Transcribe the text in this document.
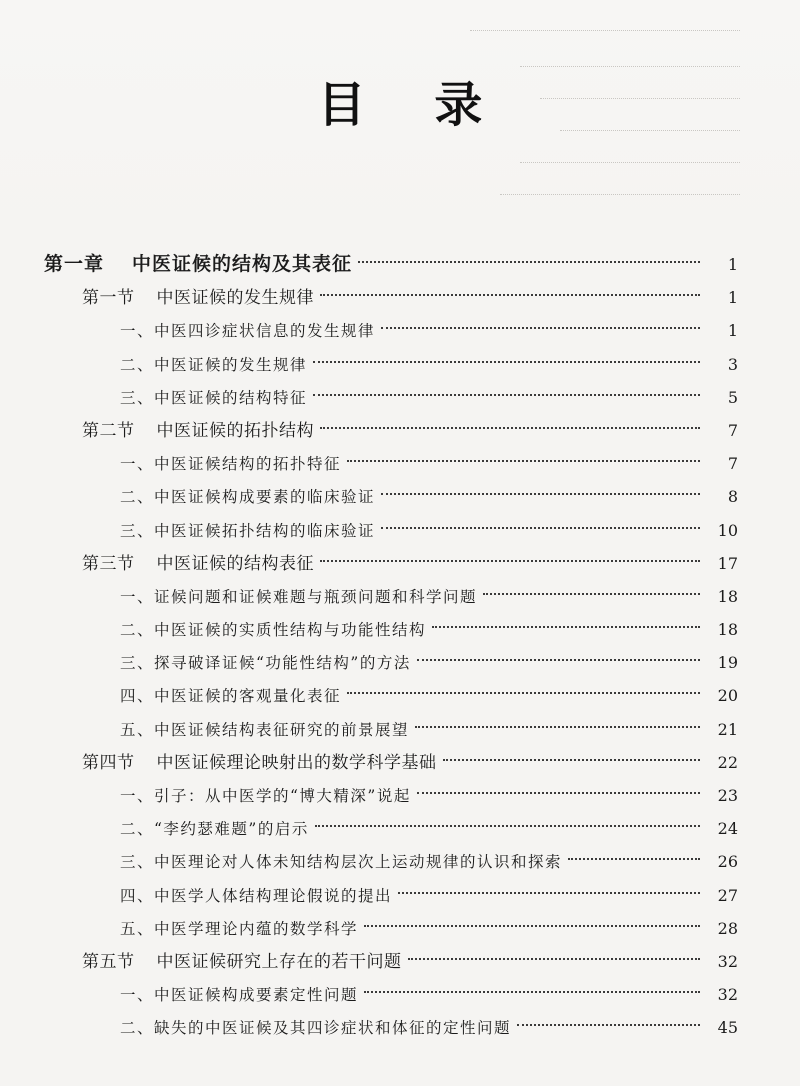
目 录
第一章 中医证候的结构及其表征	1
第一节 中医证候的发生规律	1
一、中医四诊症状信息的发生规律	1
二、中医证候的发生规律	3
三、中医证候的结构特征	5
第二节 中医证候的拓扑结构	7
一、中医证候结构的拓扑特征	7
二、中医证候构成要素的临床验证	8
三、中医证候拓扑结构的临床验证	10
第三节 中医证候的结构表征	17
一、证候问题和证候难题与瓶颈问题和科学问题	18
二、中医证候的实质性结构与功能性结构	18
三、探寻破译证候“功能性结构”的方法	19
四、中医证候的客观量化表征	20
五、中医证候结构表征研究的前景展望	21
第四节 中医证候理论映射出的数学科学基础	22
一、引子：从中医学的“博大精深”说起	23
二、“李约瑟难题”的启示	24
三、中医理论对人体未知结构层次上运动规律的认识和探索	26
四、中医学人体结构理论假说的提出	27
五、中医学理论内蕴的数学科学	28
第五节 中医证候研究上存在的若干问题	32
一、中医证候构成要素定性问题	32
二、缺失的中医证候及其四诊症状和体征的定性问题	45
